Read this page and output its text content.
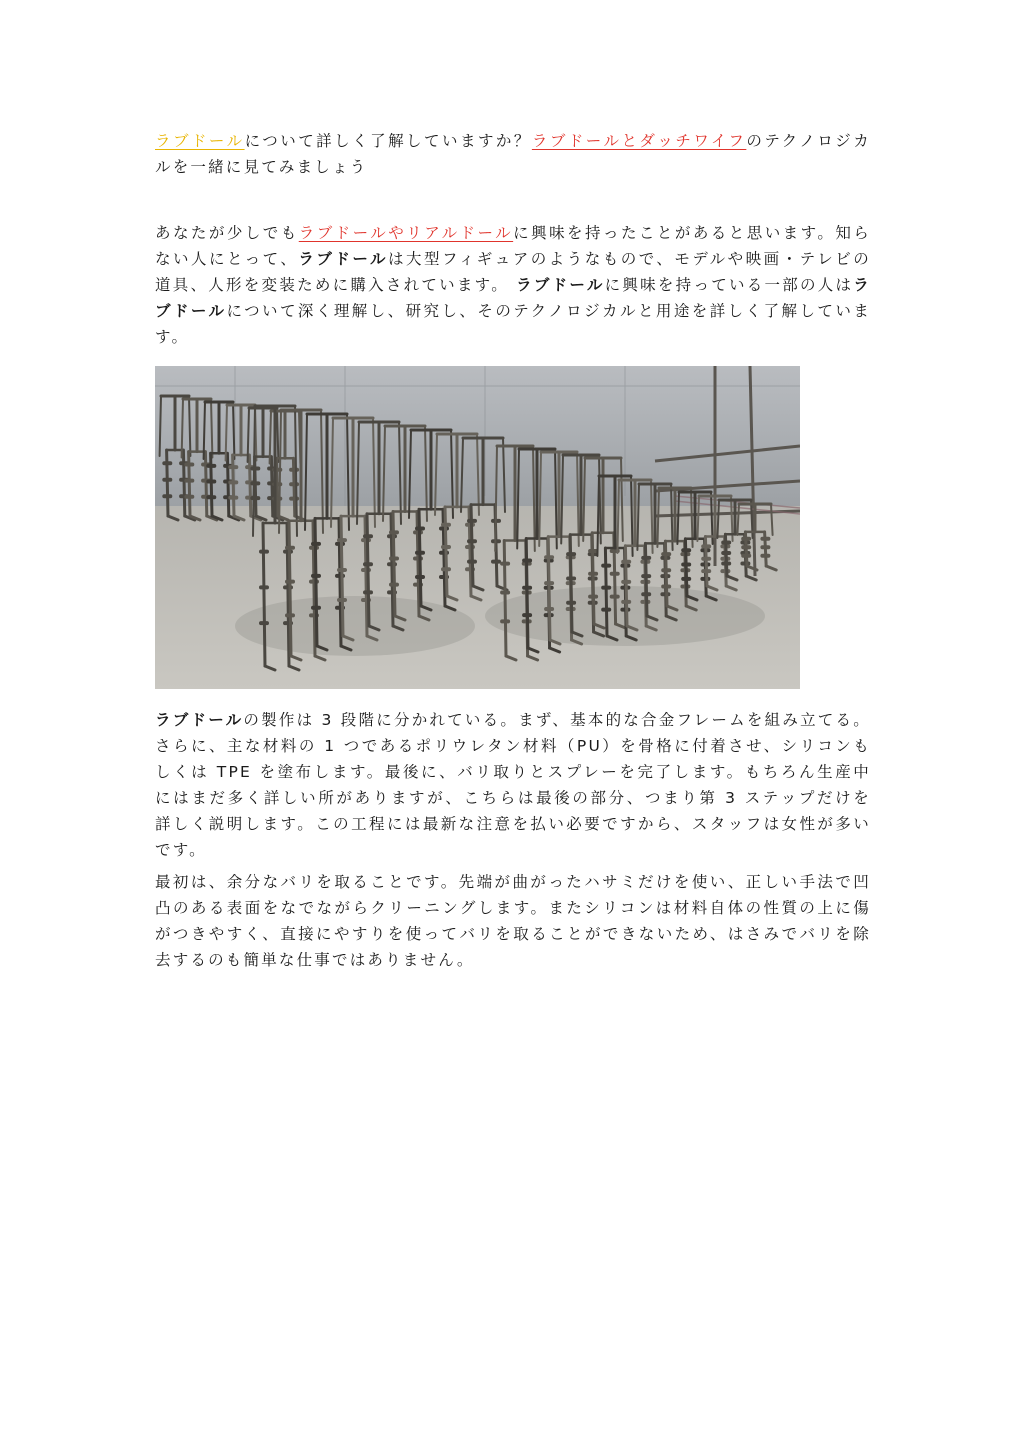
ラブドールについて詳しく了解していますか？ラブドールとダッチワイフのテクノロジカルを一緒に見てみましょう

あなたが少しでもラブドールやリアルドールに興味を持ったことがあると思います。知らない人にとって、ラブドールは大型フィギュアのようなもので、モデルや映画・テレビの道具、人形を変装ために購入されています。 ラブドールに興味を持っている一部の人はラブドールについて深く理解し、研究し、そのテクノロジカルと用途を詳しく了解しています。

ラブドールの製作は 3 段階に分かれている。まず、基本的な合金フレームを組み立てる。さらに、主な材料の 1 つであるポリウレタン材料（PU）を骨格に付着させ、シリコンもしくは TPE を塗布します。最後に、バリ取りとスプレーを完了します。もちろん生産中にはまだ多く詳しい所がありますが、こちらは最後の部分、つまり第 3 ステップだけを詳しく説明します。この工程には最新な注意を払い必要ですから、スタッフは女性が多いです。

最初は、余分なバリを取ることです。先端が曲がったハサミだけを使い、正しい手法で凹凸のある表面をなでながらクリーニングします。またシリコンは材料自体の性質の上に傷がつきやすく、直接にやすりを使ってバリを取ることができないため、はさみでバリを除去するのも簡単な仕事ではありません。
